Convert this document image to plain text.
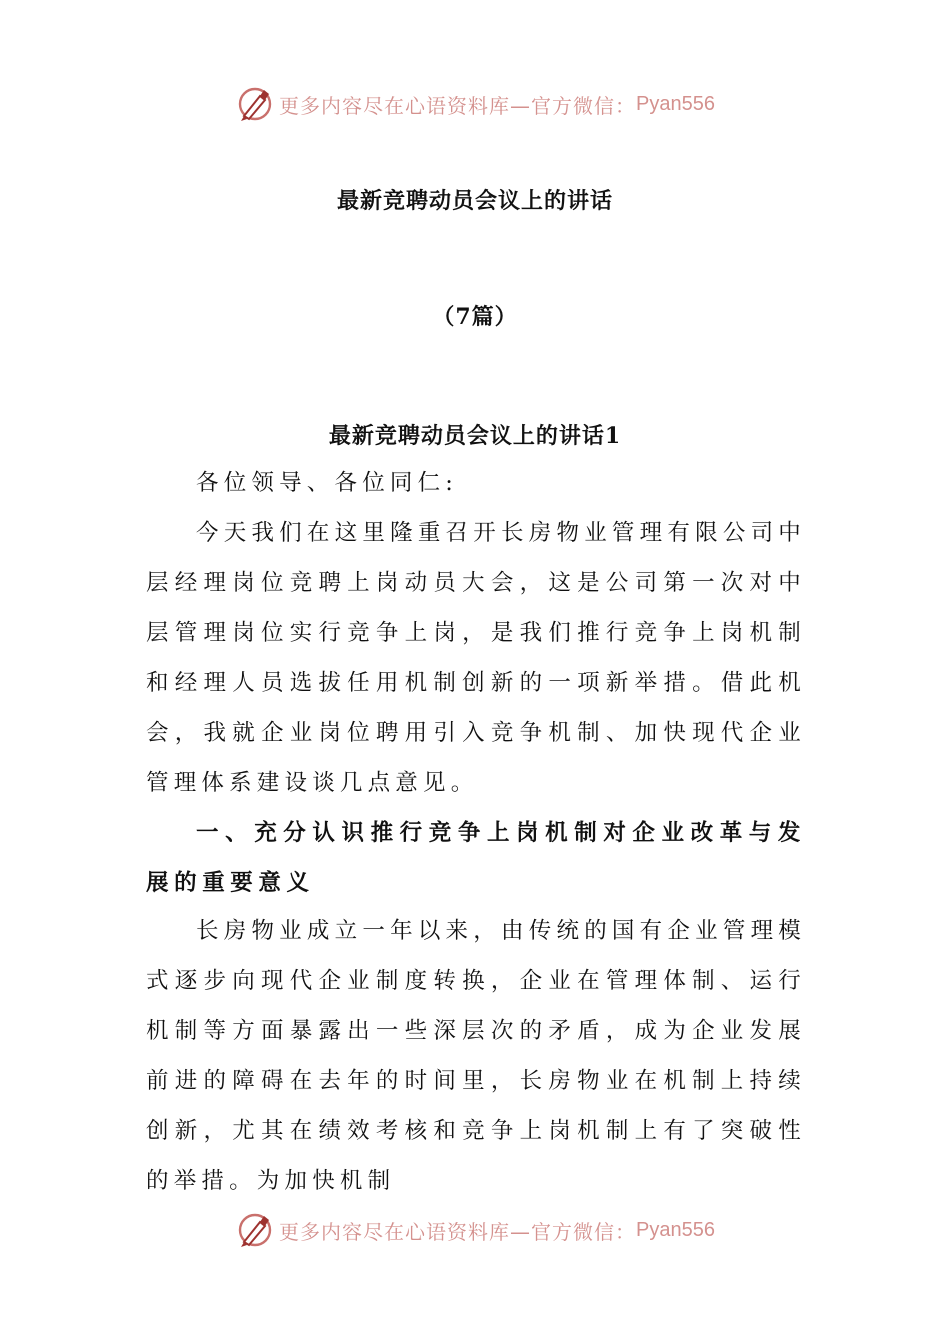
更多内容尽在心语资料库—官方微信： Pyan556
最新竞聘动员会议上的讲话
（7篇）
最新竞聘动员会议上的讲话1

各位领导、各位同仁:

今天我们在这里隆重召开长房物业管理有限公司中层经理岗位竞聘上岗动员大会，这是公司第一次对中层管理岗位实行竞争上岗，是我们推行竞争上岗机制和经理人员选拔任用机制创新的一项新举措。借此机会，我就企业岗位聘用引入竞争机制、加快现代企业管理体系建设谈几点意见。

一、充分认识推行竞争上岗机制对企业改革与发展的重要意义

长房物业成立一年以来，由传统的国有企业管理模式逐步向现代企业制度转换，企业在管理体制、运行机制等方面暴露出一些深层次的矛盾，成为企业发展前进的障碍在去年的时间里，长房物业在机制上持续创新，尤其在绩效考核和竞争上岗机制上有了突破性的举措。为加快机制

更多内容尽在心语资料库—官方微信： Pyan556
